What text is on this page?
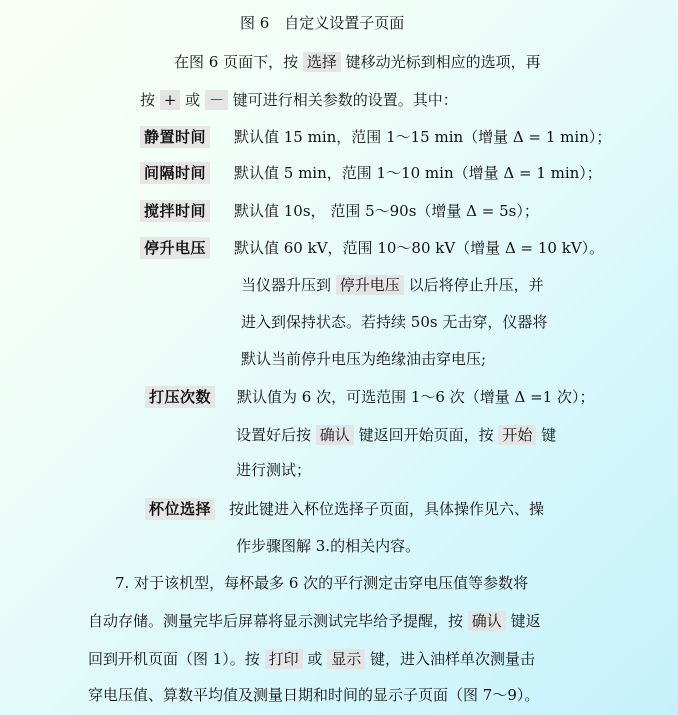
图 6　自定义设置子页面
在图 6 页面下，按 选择 键移动光标到相应的选项，再
按 + 或 － 键可进行相关参数的设置。其中：
静置时间 默认值 15 min，范围 1～15 min（增量 Δ = 1 min）；
间隔时间 默认值 5 min，范围 1～10 min（增量 Δ = 1 min）；
搅拌时间 默认值 10s， 范围 5～90s（增量 Δ = 5s）；
停升电压 默认值 60 kV，范围 10～80 kV（增量 Δ = 10 kV）。
当仪器升压到 停升电压 以后将停止升压，并
进入到保持状态。若持续 50s 无击穿，仪器将
默认当前停升电压为绝缘油击穿电压;
打压次数 默认值为 6 次，可选范围 1～6 次（增量 Δ =1 次）；
设置好后按 确认 键返回开始页面，按 开始 键
进行测试；
杯位选择 按此键进入杯位选择子页面，具体操作见六、操
作步骤图解 3.的相关内容。
7. 对于该机型，每杯最多 6 次的平行测定击穿电压值等参数将
自动存储。测量完毕后屏幕将显示测试完毕给予提醒，按 确认 键返
回到开机页面（图 1）。按 打印 或 显示 键，进入油样单次测量击
穿电压值、算数平均值及测量日期和时间的显示子页面（图 7～9）。
